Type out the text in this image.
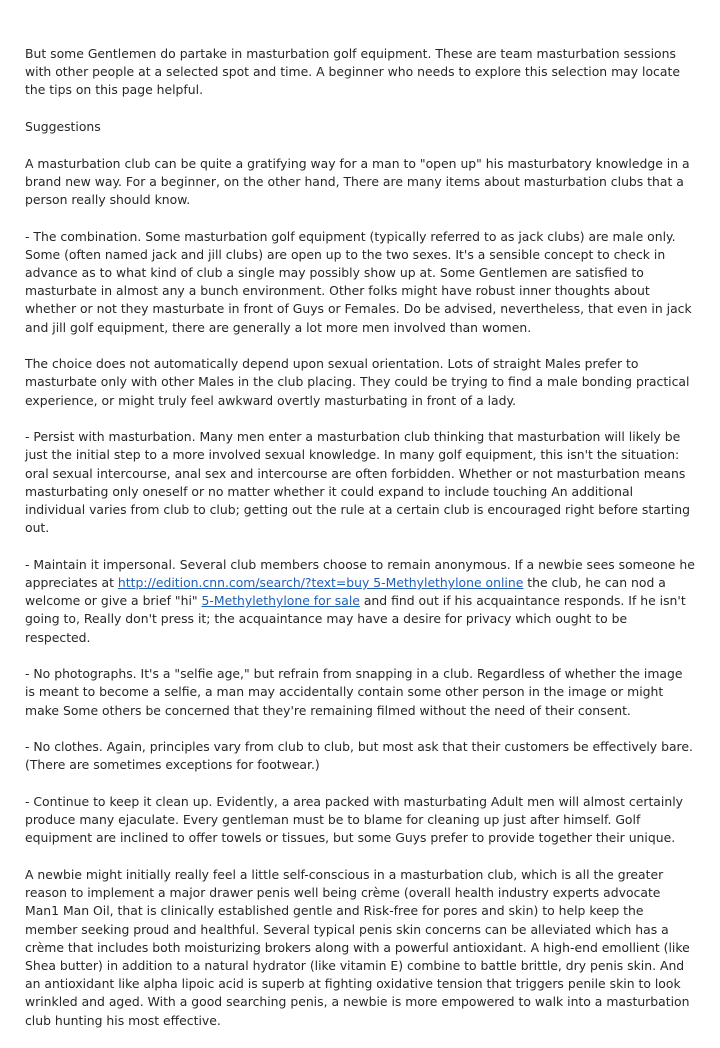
But some Gentlemen do partake in masturbation golf equipment. These are team masturbation sessions with other people at a selected spot and time. A beginner who needs to explore this selection may locate the tips on this page helpful.

Suggestions

A masturbation club can be quite a gratifying way for a man to "open up" his masturbatory knowledge in a brand new way. For a beginner, on the other hand, There are many items about masturbation clubs that a person really should know.

- The combination. Some masturbation golf equipment (typically referred to as jack clubs) are male only. Some (often named jack and jill clubs) are open up to the two sexes. It's a sensible concept to check in advance as to what kind of club a single may possibly show up at. Some Gentlemen are satisfied to masturbate in almost any a bunch environment. Other folks might have robust inner thoughts about whether or not they masturbate in front of Guys or Females. Do be advised, nevertheless, that even in jack and jill golf equipment, there are generally a lot more men involved than women.

The choice does not automatically depend upon sexual orientation. Lots of straight Males prefer to masturbate only with other Males in the club placing. They could be trying to find a male bonding practical experience, or might truly feel awkward overtly masturbating in front of a lady.

- Persist with masturbation. Many men enter a masturbation club thinking that masturbation will likely be just the initial step to a more involved sexual knowledge. In many golf equipment, this isn't the situation: oral sexual intercourse, anal sex and intercourse are often forbidden. Whether or not masturbation means masturbating only oneself or no matter whether it could expand to include touching An additional individual varies from club to club; getting out the rule at a certain club is encouraged right before starting out.

- Maintain it impersonal. Several club members choose to remain anonymous. If a newbie sees someone he appreciates at http://edition.cnn.com/search/?text=buy 5-Methylethylone online the club, he can nod a welcome or give a brief "hi" 5-Methylethylone for sale and find out if his acquaintance responds. If he isn't going to, Really don't press it; the acquaintance may have a desire for privacy which ought to be respected.

- No photographs. It's a "selfie age," but refrain from snapping in a club. Regardless of whether the image is meant to become a selfie, a man may accidentally contain some other person in the image or might make Some others be concerned that they're remaining filmed without the need of their consent.

- No clothes. Again, principles vary from club to club, but most ask that their customers be effectively bare. (There are sometimes exceptions for footwear.)

- Continue to keep it clean up. Evidently, a area packed with masturbating Adult men will almost certainly produce many ejaculate. Every gentleman must be to blame for cleaning up just after himself. Golf equipment are inclined to offer towels or tissues, but some Guys prefer to provide together their unique.

A newbie might initially really feel a little self-conscious in a masturbation club, which is all the greater reason to implement a major drawer penis well being crème (overall health industry experts advocate Man1 Man Oil, that is clinically established gentle and Risk-free for pores and skin) to help keep the member seeking proud and healthful. Several typical penis skin concerns can be alleviated which has a crème that includes both moisturizing brokers along with a powerful antioxidant. A high-end emollient (like Shea butter) in addition to a natural hydrator (like vitamin E) combine to battle brittle, dry penis skin. And an antioxidant like alpha lipoic acid is superb at fighting oxidative tension that triggers penile skin to look wrinkled and aged. With a good searching penis, a newbie is more empowered to walk into a masturbation club hunting his most effective.
